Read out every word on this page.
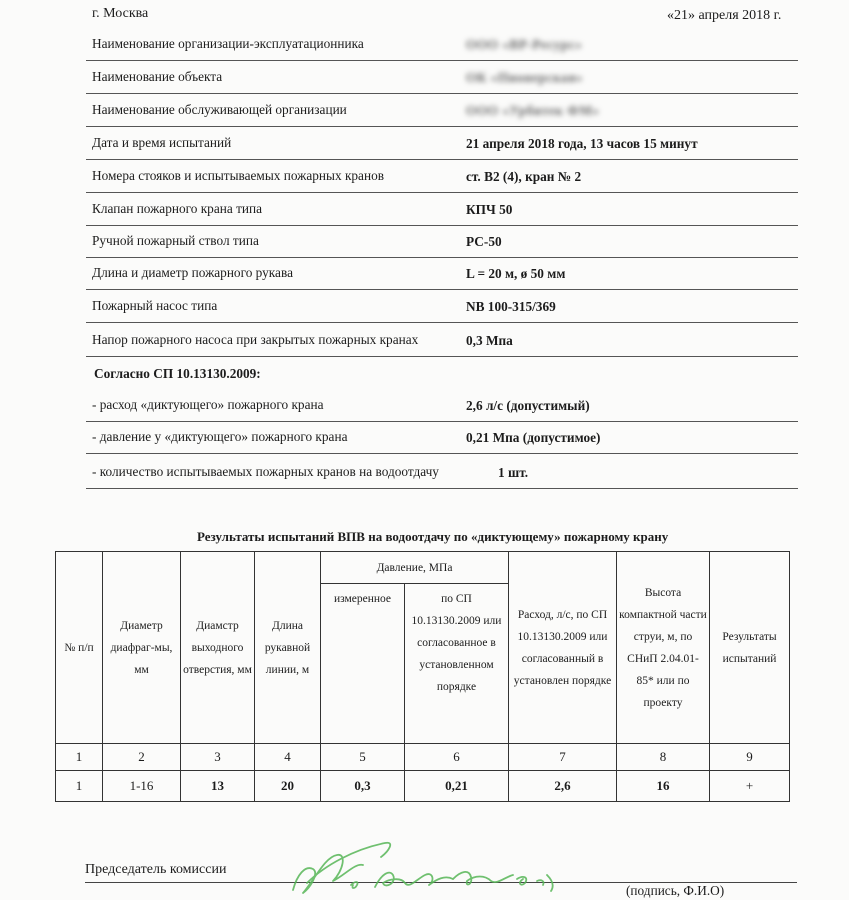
г. Москва	«21» апреля 2018 г.
Наименование организации-эксплуатационника	ООО «ВР-Ресурс»
Наименование объекта	ОК «Пионерская»
Наименование обслуживающей организации	ООО «Урбитек ФМ»
Дата и время испытаний	21 апреля 2018 года, 13 часов 15 минут
Номера стояков и испытываемых пожарных кранов	ст. В2 (4), кран № 2
Клапан пожарного крана типа	КПЧ 50
Ручной пожарный ствол типа	РС-50
Длина и диаметр пожарного рукава	L = 20 м, ø 50 мм
Пожарный насос типа	NB 100-315/369
Напор пожарного насоса при закрытых пожарных кранах	0,3 Мпа
Согласно СП 10.13130.2009:
- расход «диктующего» пожарного крана	2,6 л/с (допустимый)
- давление у «диктующего» пожарного крана	0,21 Мпа (допустимое)
- количество испытываемых пожарных кранов на водоотдачу	1 шт.
Результаты испытаний ВПВ на водоотдачу по «диктующему» пожарному крану
№ п/п	Диаметр диафраг-мы, мм	Диамстр выходного отверстия, мм	Длина рукавной линии, м	Давление, МПа		Расход, л/с, по СП 10.13130.2009 или согласованный в установлен порядке	Высота компактной части струи, м, по СНиП 2.04.01-85* или по проекту	Результаты испытаний
				измеренное	по СП 10.13130.2009 или согласованное в установленном порядке			
1	2	3	4	5	6	7	8	9
1	1-16	13	20	0,3	0,21	2,6	16	+
Председатель комиссии
(подпись, Ф.И.О)
